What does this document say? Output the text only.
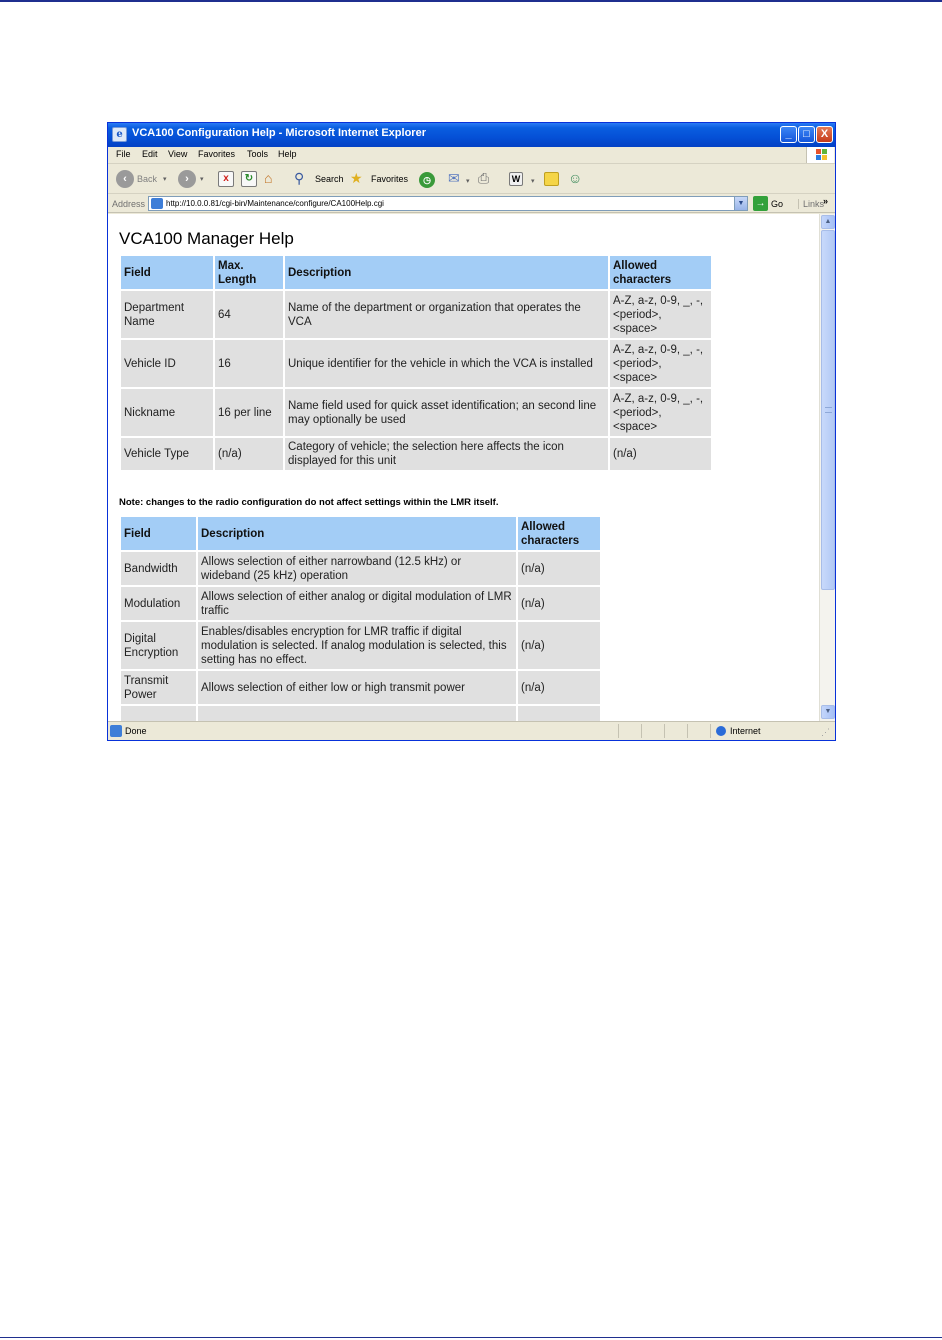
e VCA100 Configuration Help - Microsoft Internet Explorer	_	□	X
File Edit View Favorites Tools Help
‹	Back ▾	›	▾	x	↻ ⌂ ⚲ Search ★ Favorites	◷ ✉ ▾ ⎙	W	▾ ☺
Address	http://10.0.0.81/cgi-bin/Maintenance/configure/CA100Help.cgi	▼ → Go	Links
»
VCA100 Manager Help
Field	Max. Length	Description	Allowed characters
Department Name	64	Name of the department or organization that operates the VCA	A-Z, a-z, 0-9, _, -, <period>, <space>
Vehicle ID	16	Unique identifier for the vehicle in which the VCA is installed	A-Z, a-z, 0-9, _, -, <period>, <space>
Nickname	16 per line	Name field used for quick asset identification; an second line may optionally be used	A-Z, a-z, 0-9, _, -, <period>, <space>
Vehicle Type	(n/a)	Category of vehicle; the selection here affects the icon displayed for this unit	(n/a)
Note: changes to the radio configuration do not affect settings within the LMR itself.
Field	Description	Allowed characters
Bandwidth	Allows selection of either narrowband (12.5 kHz) or wideband (25 kHz) operation	(n/a)
Modulation	Allows selection of either analog or digital modulation of LMR traffic	(n/a)
Digital Encryption	Enables/disables encryption for LMR traffic if digital modulation is selected. If analog modulation is selected, this setting has no effect.	(n/a)
Transmit Power	Allows selection of either low or high transmit power	(n/a)

▲
▼
Done	Internet	⋰
